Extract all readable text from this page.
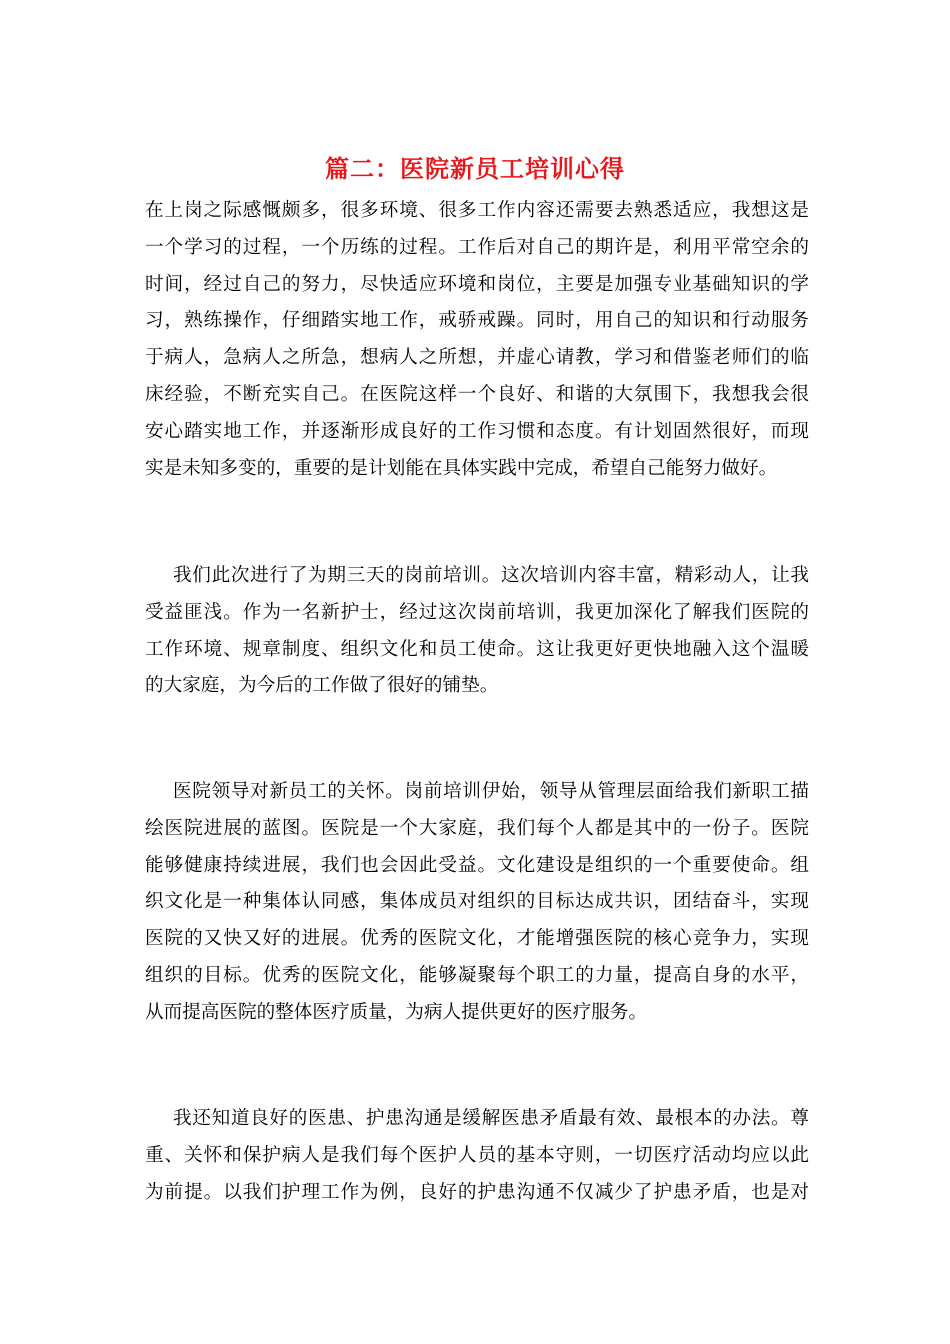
篇二：医院新员工培训心得
在上岗之际感慨颇多，很多环境、很多工作内容还需要去熟悉适应，我想这是
一个学习的过程，一个历练的过程。工作后对自己的期许是，利用平常空余的
时间，经过自己的努力，尽快适应环境和岗位，主要是加强专业基础知识的学
习，熟练操作，仔细踏实地工作，戒骄戒躁。同时，用自己的知识和行动服务
于病人，急病人之所急，想病人之所想，并虚心请教，学习和借鉴老师们的临
床经验，不断充实自己。在医院这样一个良好、和谐的大氛围下，我想我会很
安心踏实地工作，并逐渐形成良好的工作习惯和态度。有计划固然很好，而现
实是未知多变的，重要的是计划能在具体实践中完成，希望自己能努力做好。
我们此次进行了为期三天的岗前培训。这次培训内容丰富，精彩动人，让我
受益匪浅。作为一名新护士，经过这次岗前培训，我更加深化了解我们医院的
工作环境、规章制度、组织文化和员工使命。这让我更好更快地融入这个温暖
的大家庭，为今后的工作做了很好的铺垫。
医院领导对新员工的关怀。岗前培训伊始，领导从管理层面给我们新职工描
绘医院进展的蓝图。医院是一个大家庭，我们每个人都是其中的一份子。医院
能够健康持续进展，我们也会因此受益。文化建设是组织的一个重要使命。组
织文化是一种集体认同感，集体成员对组织的目标达成共识，团结奋斗，实现
医院的又快又好的进展。优秀的医院文化，才能增强医院的核心竞争力，实现
组织的目标。优秀的医院文化，能够凝聚每个职工的力量，提高自身的水平，
从而提高医院的整体医疗质量，为病人提供更好的医疗服务。
我还知道良好的医患、护患沟通是缓解医患矛盾最有效、最根本的办法。尊
重、关怀和保护病人是我们每个医护人员的基本守则，一切医疗活动均应以此
为前提。以我们护理工作为例，良好的护患沟通不仅减少了护患矛盾，也是对
